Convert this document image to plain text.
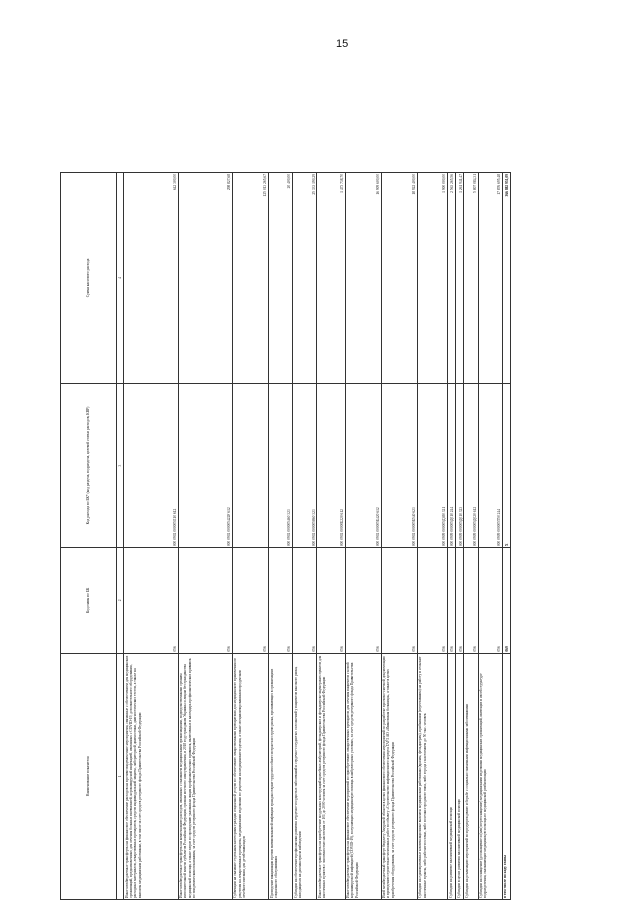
15
Наименование показателя	Код главы по БК	Код расхода по БК* (код раздела, подраздела, целевой статьи расходов, КВР)	Сумма кассового расхода
1	2	3	4
Иные межбюджетные трансферты на финансовое обеспечение расходов на противоэпидемические мероприятия, связанные с обеспечением для медицинских организаций, предназначенных для лечения больных пневмонией, коронавирусной инфекцией, связанных с COVID-19, дополнительного оборудования, расходных материалов, лекарственных препаратов, средств индивидуальной защиты, лабораторной диагностики, диагностических тестов, а также на выплаты медицинским работникам, в том числе за счет средств резервного фонда Правительства Российской Федерации	056	000 0902 000005Л10 612	642 300,00
Иные межбюджетные трансферты на компенсацию расходов, связанных с оказанием медицинскими организациями, подведомственными органам исполнительной власти субъектов Российской Федерации, органам местного самоуправления, в 2018 году гражданам Украины и лицам без гражданства медицинской помощи, а также затрат по проведению указанным лицам профилактических прививок, включенных в календарь профилактических прививок по эпидемическим показаниям, за счет средств резервного фонда Правительства Российской Федерации	056	000 0902 000005422F 612	298 827,68
Субвенции на оказание отдельным категориям граждан социальной услуги по обеспечению лекарственными препаратами для медицинского применения по рецептам на лекарственные препараты, медицинскими изделиями по рецептам на медицинские изделия, а также специализированными продуктами лечебного питания для детей-инвалидов	056		125 013 265,67
Проведение вакцинации против пневмококковой инфекции граждан старше трудоспособного возраста из групп риска, проживающих в организациях социального обслуживания	056	000 0902 000005460 323	20 400,00
Субсидии на обеспечение профилактики развития сердечно-сосудистых заболеваний и сердечно-сосудистых осложнений у пациентов высокого риска, находящихся на диспансерном наблюдении	056	000 0902 000005860 323	25 333 190,29
Иные межбюджетные трансферты на приобретение модульных конструкций врачебных амбулаторий, фельдшерских и фельдшерско-акушерских пунктов для населенных пунктов с численностью населения от 101 до 2000 человек за счет средств резервного фонда Правительства Российской Федерации	056	000 0902 00000Б220 612	1 473 738,70
Иные межбюджетные трансферты на финансовое обеспечение мероприятий по приобретению лекарственных препаратов для лечения пациентов с новой коронавирусной инфекцией (COVID-19), получающих медицинскую помощь в амбулаторных условиях, за счет средств резервного фонда Правительства Российской Федерации	056	000 0902 000005Б420 612	16 909 600,00
Иной межбюджетный трансферт бюджету Амурской области в целях финансового обеспечения мероприятий по разработке проектно-сметной документации и проведению строительно-монтажных работ по объекту «Строительство инфекционного корпуса ГАУЗ АО «Ивановская больница», а также в целях приобретения оборудования, за счет средств резервного фонда Правительства Российской Федерации	056	000 0902 000005Б540 623	18 922 400,00
Субсидии на единовременные компенсационные выплаты медицинским работникам (врачам, фельдшерам), прибывшим (переехавшим) на работу в сельские населенные пункты, либо рабочие поселки, либо поселки городского типа, либо города с населением до 50 тыс. человек	056	000 0909 000005Д380 321	1 900 000,00
Субсидии на развитие паллиативной медицинской помощи	056	000 0909 000005Д010 244	2 563 265,56
Субсидии в целях развития паллиативной медицинской помощи	056	000 0909 000005Д010 323	1 261 941,47
Субсидии на реализацию мероприятий по предупреждению и борьбе с социально значимыми инфекционными заболеваниями	056	000 0909 000005Д020 612	5 807 084,31
Субсидии на оснащение (дооснащение и (или) переоснащение) медицинскими изделиями медицинских организаций, имеющих в своей структуре подразделения, оказывающие медицинскую помощь по медицинской реабилитации	056	000 0909 000005Т50 244	17 876 695,48
в том числе по коду главы	069	X	366 882 951,09
